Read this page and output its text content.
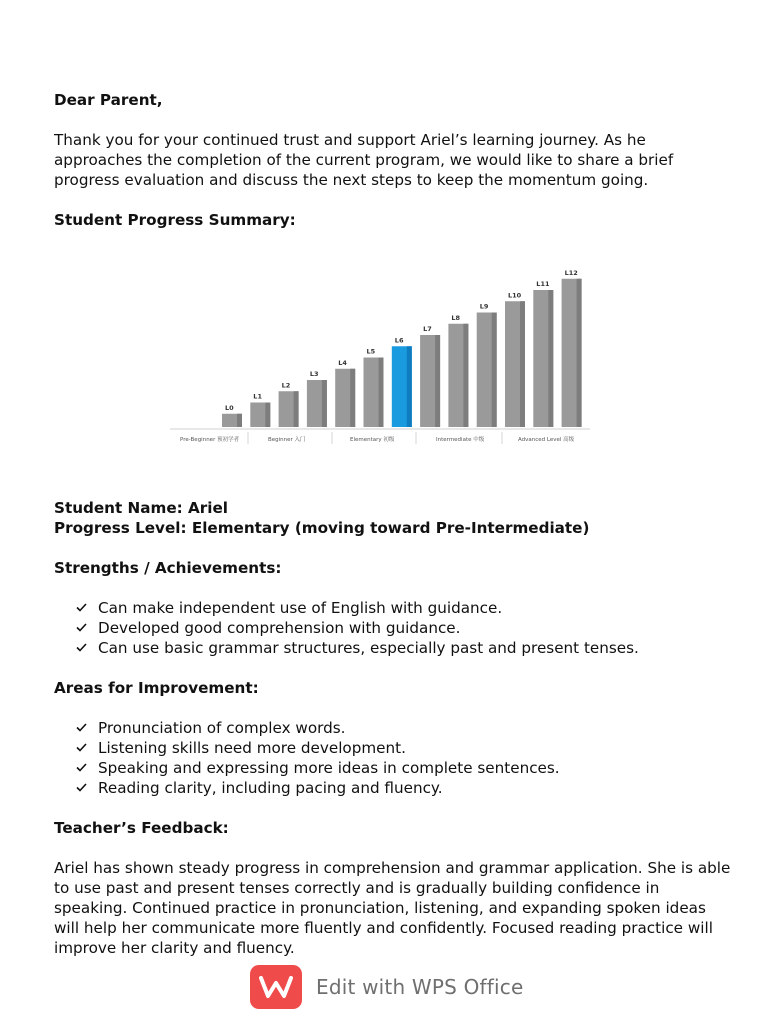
Dear Parent,

Thank you for your continued trust and support Ariel’s learning journey. As he approaches the completion of the current program, we would like to share a brief progress evaluation and discuss the next steps to keep the momentum going.

Student Progress Summary:

L0
L1
L2
L3
L4
L5
L6
L7
L8
L9
L10
L11
L12
Pre-Beginner 预初学者	Beginner 入门	Elementary 初级	Intermediate 中级	Advanced Level 高级

Student Name: Ariel

Progress Level: Elementary (moving toward Pre-Intermediate)

Strengths / Achievements:

Can make independent use of English with guidance.
Developed good comprehension with guidance.
Can use basic grammar structures, especially past and present tenses.

Areas for Improvement:

Pronunciation of complex words.
Listening skills need more development.
Speaking and expressing more ideas in complete sentences.
Reading clarity, including pacing and fluency.

Teacher’s Feedback:

Ariel has shown steady progress in comprehension and grammar application. She is able to use past and present tenses correctly and is gradually building confidence in speaking. Continued practice in pronunciation, listening, and expanding spoken ideas will help her communicate more fluently and confidently. Focused reading practice will improve her clarity and fluency.

Edit with WPS Office
